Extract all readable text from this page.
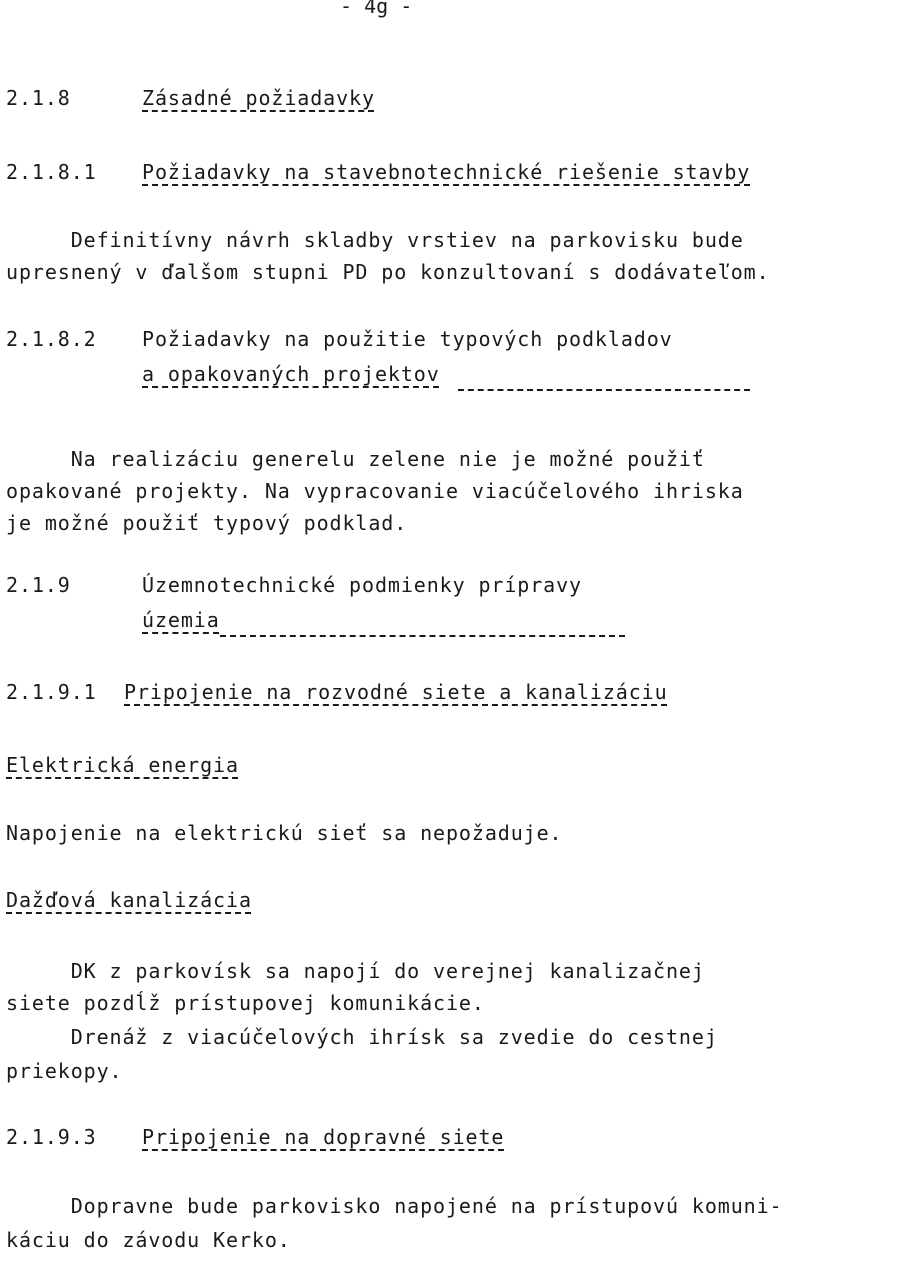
- 4g -
2.1.8	Zásadné požiadavky
2.1.8.1 Požiadavky na stavebnotechnické riešenie stavby
Definitívny návrh skladby vrstiev na parkovisku bude
upresnený v ďalšom stupni PD po konzultovaní s dodávateľom.
2.1.8.2 Požiadavky na použitie typových podkladov
a opakovaných projektov
Na realizáciu generelu zelene nie je možné použiť
opakované projekty. Na vypracovanie viacúčelového ihriska
je možné použiť typový podklad.
2.1.9	Územnotechnické podmienky prípravy
územia
2.1.9.1 Pripojenie na rozvodné siete a kanalizáciu
Elektrická energia
Napojenie na elektrickú sieť sa nepožaduje.
Dažďová kanalizácia
DK z parkovísk sa napojí do verejnej kanalizačnej
siete pozdĺž prístupovej komunikácie.
Drenáž z viacúčelových ihrísk sa zvedie do cestnej
priekopy.
2.1.9.3 Pripojenie na dopravné siete
Dopravne bude parkovisko napojené na prístupovú komuni-
káciu do závodu Kerko.
